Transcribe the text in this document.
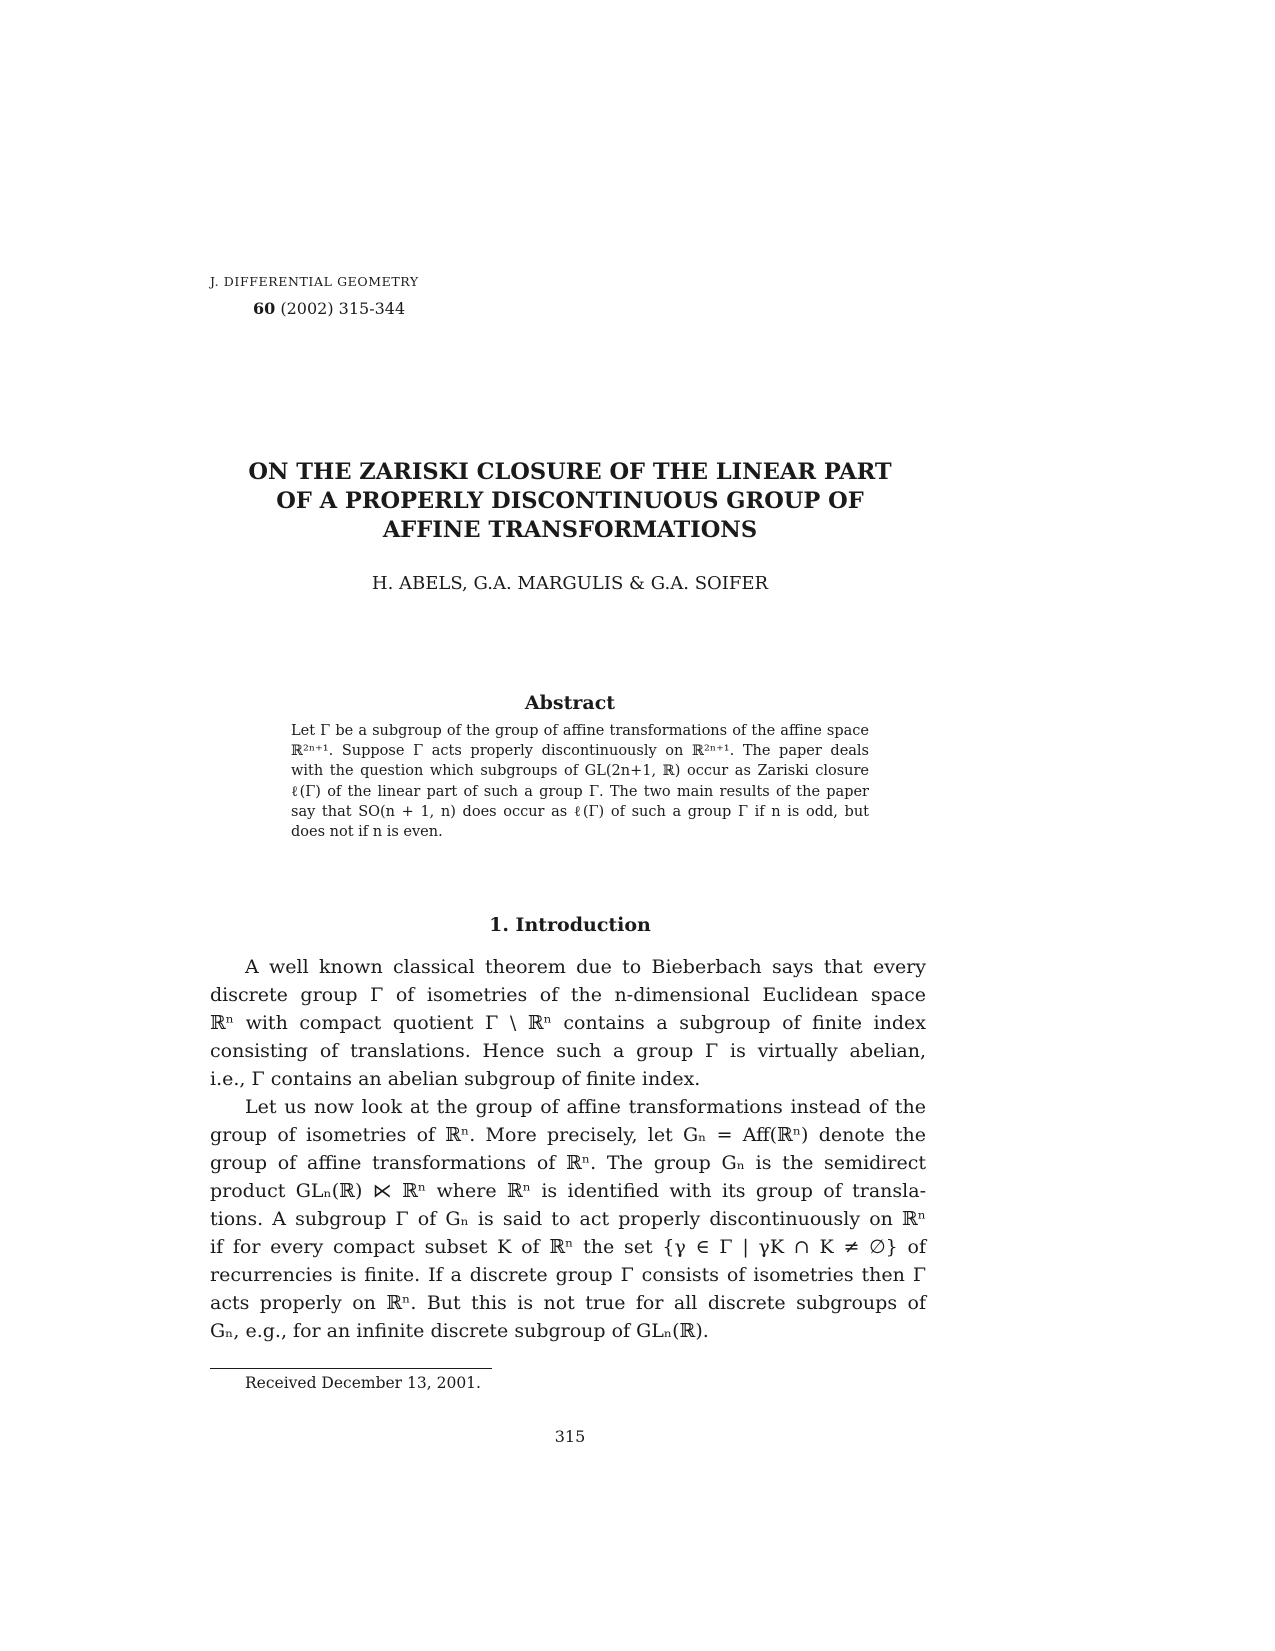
J. DIFFERENTIAL GEOMETRY
60 (2002) 315-344
ON THE ZARISKI CLOSURE OF THE LINEAR PART
OF A PROPERLY DISCONTINUOUS GROUP OF
AFFINE TRANSFORMATIONS
H. ABELS, G.A. MARGULIS & G.A. SOIFER
Abstract
Let Γ be a subgroup of the group of affine transformations of the affine space
ℝ²ⁿ⁺¹. Suppose Γ acts properly discontinuously on ℝ²ⁿ⁺¹. The paper deals
with the question which subgroups of GL(2n+1, ℝ) occur as Zariski closure
ℓ(Γ) of the linear part of such a group Γ. The two main results of the paper
say that SO(n + 1, n) does occur as ℓ(Γ) of such a group Γ if n is odd, but
does not if n is even.
1. Introduction
A well known classical theorem due to Bieberbach says that every
discrete group Γ of isometries of the n-dimensional Euclidean space
ℝⁿ with compact quotient Γ \ ℝⁿ contains a subgroup of finite index
consisting of translations. Hence such a group Γ is virtually abelian,
i.e., Γ contains an abelian subgroup of finite index.
Let us now look at the group of affine transformations instead of the
group of isometries of ℝⁿ. More precisely, let Gₙ = Aff(ℝⁿ) denote the
group of affine transformations of ℝⁿ. The group Gₙ is the semidirect
product GLₙ(ℝ) ⋉ ℝⁿ where ℝⁿ is identified with its group of transla-
tions. A subgroup Γ of Gₙ is said to act properly discontinuously on ℝⁿ
if for every compact subset K of ℝⁿ the set {γ ∈ Γ | γK ∩ K ≠ ∅} of
recurrencies is finite. If a discrete group Γ consists of isometries then Γ
acts properly on ℝⁿ. But this is not true for all discrete subgroups of
Gₙ, e.g., for an infinite discrete subgroup of GLₙ(ℝ).
Received December 13, 2001.
315
